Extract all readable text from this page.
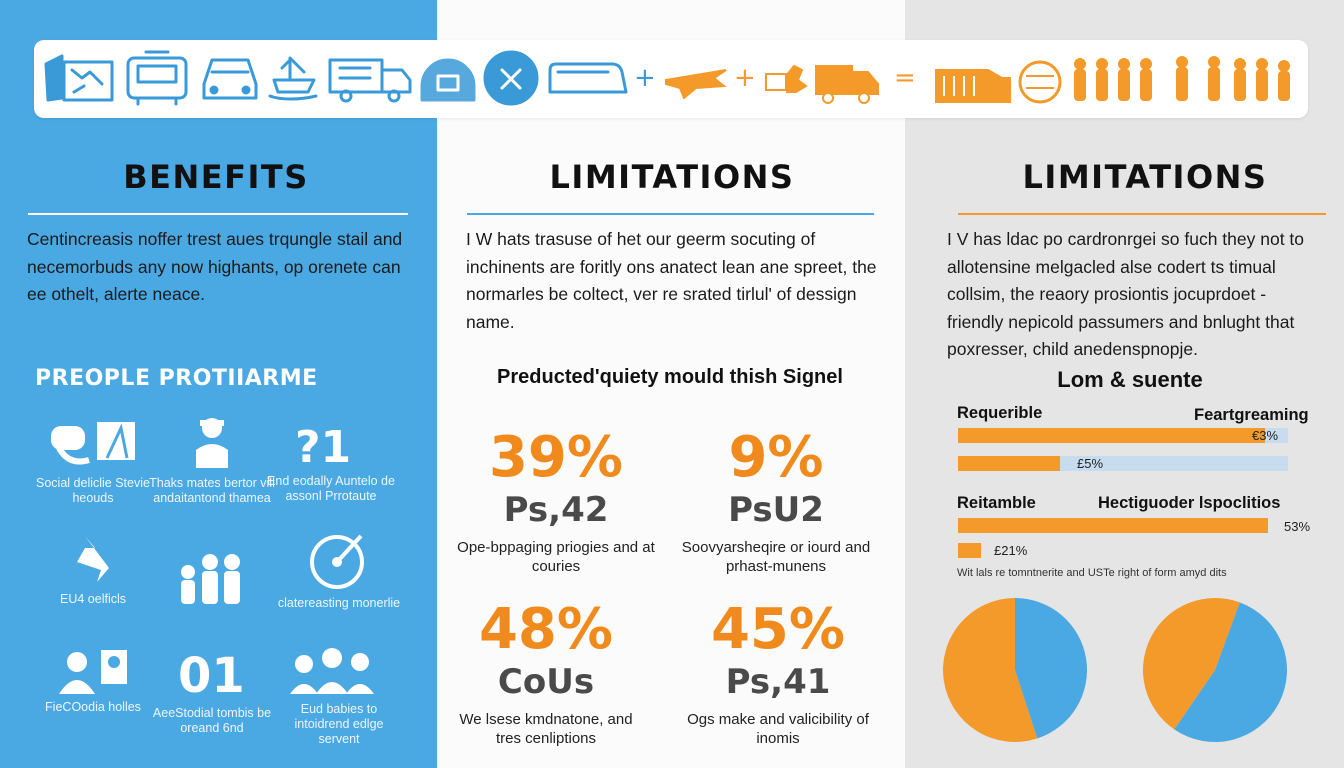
+	+	=
BENEFITS
Centincreasis noffer trest aues trqungle stail and necemorbuds any now highants, op orenete can ee othelt, alerte neace.
PREOPLE PROTIIARME
Social deliclie Stevie heouds
Thaks mates bertor vill andaitantond thamea
?1
End eodally Auntelo de assonl Prrotaute
EU4 oelficls	clatereasting monerlie
FieCOodia holles
01
AeeStodial tombis be oreand 6nd
Eud babies to intoidrend edlge servent
LIMITATIONS
I W hats trasuse of het our geerm socuting of inchinents are foritly ons anatect lean ane spreet, the normarles be coltect, ver re srated tirlul' of dessign name.
Preducted'quiety mould thish Signel
39%
Ps,42
Ope-bppaging priogies and at couries
9%
PsU2
Soovyarsheqire or iourd and prhast-munens
48%
CoUs
We lsese kmdnatone, and tres cenliptions
45%
Ps,41
Ogs make and valicibility of inomis
LIMITATIONS
I V has ldac po cardronrgei so fuch they not to allotensine melgacled alse codert ts timual collsim, the reaory prosiontis jocuprdoet - friendly nepicold passumers and bnlught that poxresser, child anedenspnopje.
Lom & suente
Requerible	Feartgreaming
€3%
£5%
Reitamble	Hectiguoder lspoclitios
53%
£21%
Wit lals re tomntnerite and USTe right of form amyd dits
